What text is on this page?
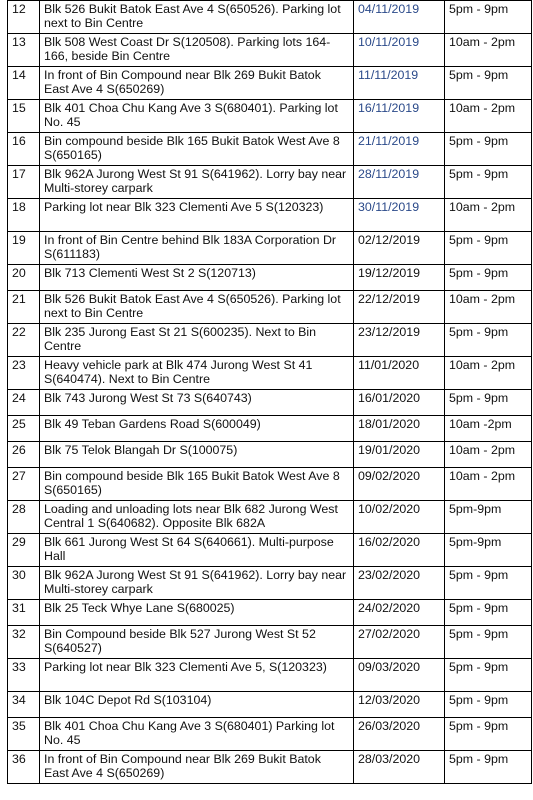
12	Blk 526 Bukit Batok East Ave 4 S(650526). Parking lot next to Bin Centre	04/11/2019	5pm - 9pm
13	Blk 508 West Coast Dr S(120508). Parking lots 164-166, beside Bin Centre	10/11/2019	10am - 2pm
14	In front of Bin Compound near Blk 269 Bukit Batok East Ave 4 S(650269)	11/11/2019	5pm - 9pm
15	Blk 401 Choa Chu Kang Ave 3 S(680401). Parking lot No. 45	16/11/2019	10am - 2pm
16	Bin compound beside Blk 165 Bukit Batok West Ave 8 S(650165)	21/11/2019	5pm - 9pm
17	Blk 962A Jurong West St 91 S(641962). Lorry bay near Multi-storey carpark	28/11/2019	5pm - 9pm
18	Parking lot near Blk 323 Clementi Ave 5 S(120323)	30/11/2019	10am - 2pm
19	In front of Bin Centre behind Blk 183A Corporation Dr S(611183)	02/12/2019	5pm - 9pm
20	Blk 713 Clementi West St 2 S(120713)	19/12/2019	5pm - 9pm
21	Blk 526 Bukit Batok East Ave 4 S(650526). Parking lot next to Bin Centre	22/12/2019	10am - 2pm
22	Blk 235 Jurong East St 21 S(600235). Next to Bin Centre	23/12/2019	5pm - 9pm
23	Heavy vehicle park at Blk 474 Jurong West St 41 S(640474). Next to Bin Centre	11/01/2020	10am - 2pm
24	Blk 743 Jurong West St 73 S(640743)	16/01/2020	5pm - 9pm
25	Blk 49 Teban Gardens Road S(600049)	18/01/2020	10am -2pm
26	Blk 75 Telok Blangah Dr S(100075)	19/01/2020	10am - 2pm
27	Bin compound beside Blk 165 Bukit Batok West Ave 8 S(650165)	09/02/2020	10am - 2pm
28	Loading and unloading lots near Blk 682 Jurong West Central 1 S(640682). Opposite Blk 682A	10/02/2020	5pm-9pm
29	Blk 661 Jurong West St 64 S(640661). Multi-purpose Hall	16/02/2020	5pm-9pm
30	Blk 962A Jurong West St 91 S(641962). Lorry bay near Multi-storey carpark	23/02/2020	5pm - 9pm
31	Blk 25 Teck Whye Lane S(680025)	24/02/2020	5pm - 9pm
32	Bin Compound beside Blk 527 Jurong West St 52 S(640527)	27/02/2020	5pm - 9pm
33	Parking lot near Blk 323 Clementi Ave 5, S(120323)	09/03/2020	5pm - 9pm
34	Blk 104C Depot Rd S(103104)	12/03/2020	5pm - 9pm
35	Blk 401 Choa Chu Kang Ave 3 S(680401) Parking lot No. 45	26/03/2020	5pm - 9pm
36	In front of Bin Compound near Blk 269 Bukit Batok East Ave 4 S(650269)	28/03/2020	5pm - 9pm
